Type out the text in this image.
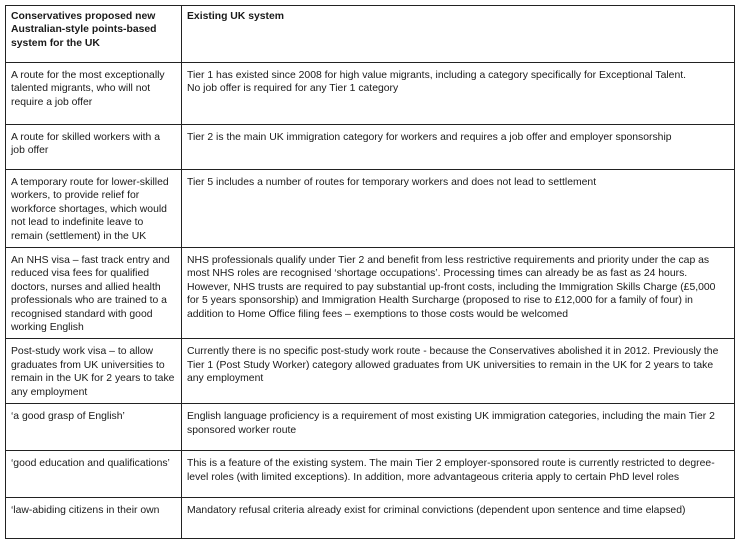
Conservatives proposed new Australian-style points-based system for the UK	Existing UK system
A route for the most exceptionally talented migrants, who will not require a job offer	Tier 1 has existed since 2008 for high value migrants, including a category specifically for Exceptional Talent.
No job offer is required for any Tier 1 category
A route for skilled workers with a job offer	Tier 2 is the main UK immigration category for workers and requires a job offer and employer sponsorship
A temporary route for lower-skilled workers, to provide relief for workforce shortages, which would not lead to indefinite leave to remain (settlement) in the UK	Tier 5 includes a number of routes for temporary workers and does not lead to settlement
An NHS visa – fast track entry and reduced visa fees for qualified doctors, nurses and allied health professionals who are trained to a recognised standard with good working English	NHS professionals qualify under Tier 2 and benefit from less restrictive requirements and priority under the cap as most NHS roles are recognised ‘shortage occupations’. Processing times can already be as fast as 24 hours. However, NHS trusts are required to pay substantial up-front costs, including the Immigration Skills Charge (£5,000 for 5 years sponsorship) and Immigration Health Surcharge (proposed to rise to £12,000 for a family of four) in addition to Home Office filing fees – exemptions to those costs would be welcomed
Post-study work visa – to allow graduates from UK universities to remain in the UK for 2 years to take any employment	Currently there is no specific post-study work route - because the Conservatives abolished it in 2012. Previously the Tier 1 (Post Study Worker) category allowed graduates from UK universities to remain in the UK for 2 years to take any employment
‘a good grasp of English’	English language proficiency is a requirement of most existing UK immigration categories, including the main Tier 2 sponsored worker route
‘good education and qualifications’	This is a feature of the existing system. The main Tier 2 employer-sponsored route is currently restricted to degree-level roles (with limited exceptions). In addition, more advantageous criteria apply to certain PhD level roles
‘law-abiding citizens in their own	Mandatory refusal criteria already exist for criminal convictions (dependent upon sentence and time elapsed)
